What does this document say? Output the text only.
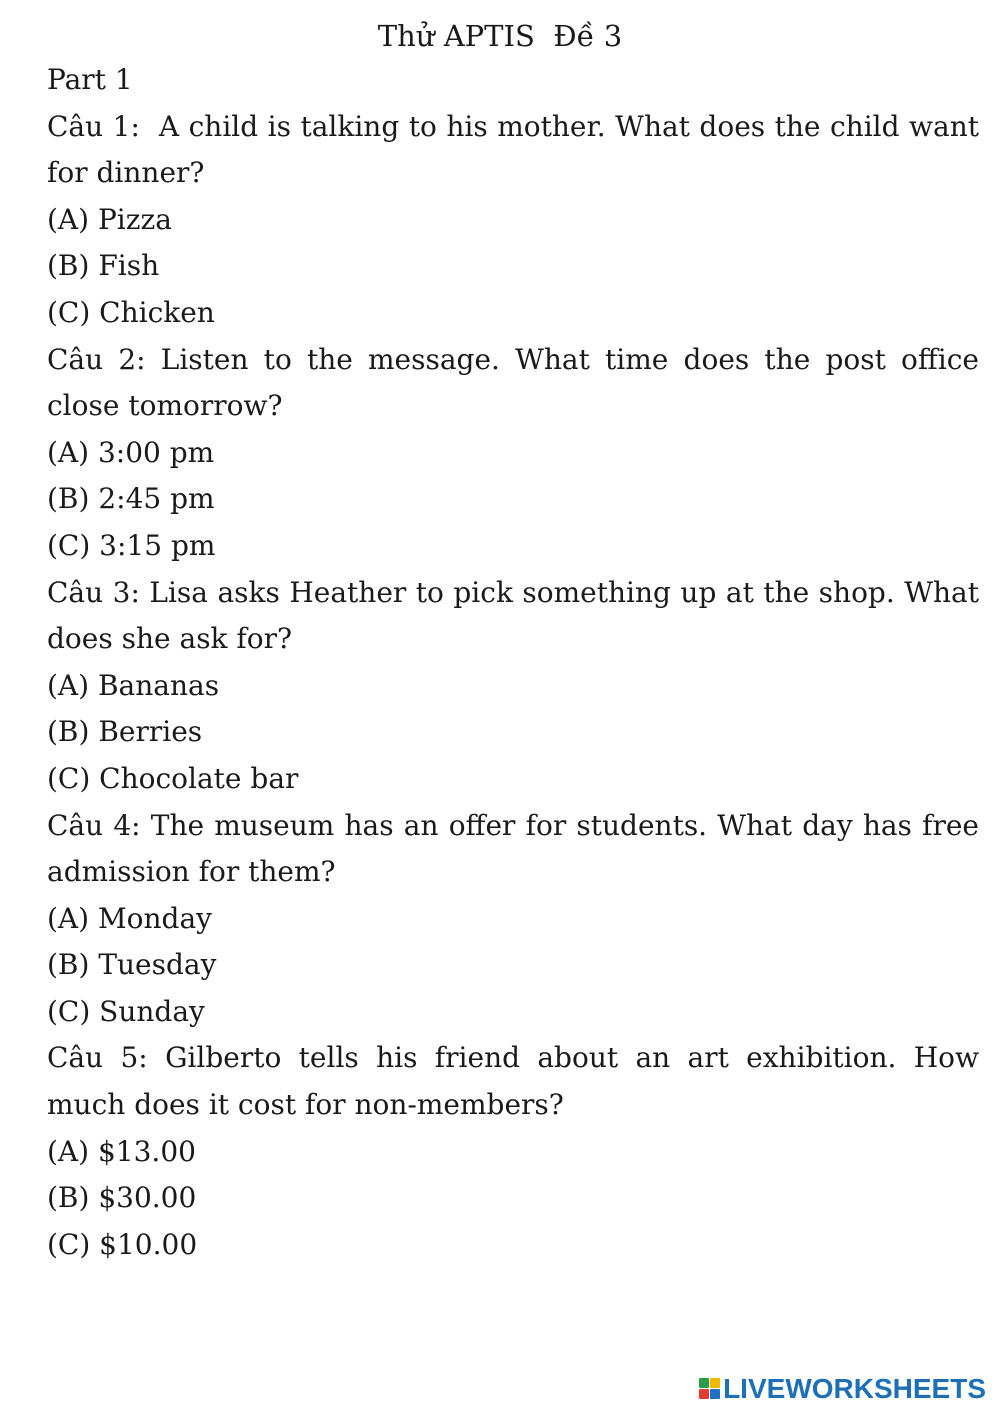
Thử APTIS  Đề 3

Part 1

Câu 1:  A child is talking to his mother. What does the child want for dinner?

(A) Pizza

(B) Fish

(C) Chicken

Câu 2: Listen to the message. What time does the post office close tomorrow?

(A) 3:00 pm

(B) 2:45 pm

(C) 3:15 pm

Câu 3: Lisa asks Heather to pick something up at the shop. What does she ask for?

(A) Bananas

(B) Berries

(C) Chocolate bar

Câu 4: The museum has an offer for students. What day has free admission for them?

(A) Monday

(B) Tuesday

(C) Sunday

Câu 5: Gilberto tells his friend about an art exhibition. How much does it cost for non-members?

(A) $13.00

(B) $30.00

(C) $10.00

LIVEWORKSHEETS
